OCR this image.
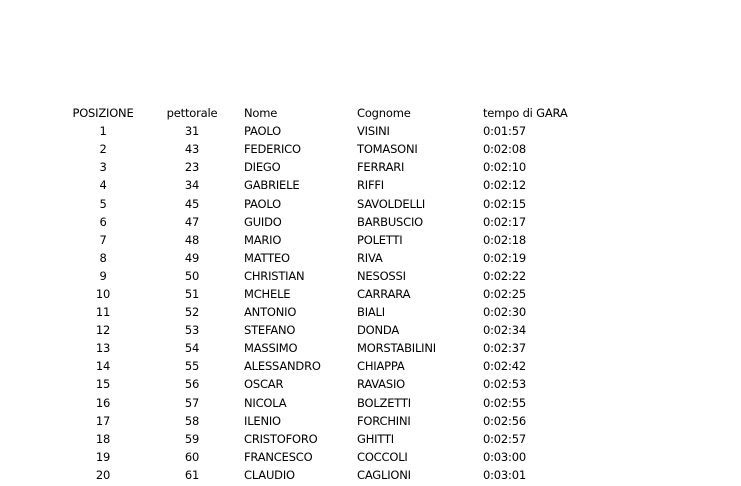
POSIZIONE	pettorale	Nome	Cognome	tempo di GARA
1	31	PAOLO	VISINI	0:01:57
2	43	FEDERICO	TOMASONI	0:02:08
3	23	DIEGO	FERRARI	0:02:10
4	34	GABRIELE	RIFFI	0:02:12
5	45	PAOLO	SAVOLDELLI	0:02:15
6	47	GUIDO	BARBUSCIO	0:02:17
7	48	MARIO	POLETTI	0:02:18
8	49	MATTEO	RIVA	0:02:19
9	50	CHRISTIAN	NESOSSI	0:02:22
10	51	MCHELE	CARRARA	0:02:25
11	52	ANTONIO	BIALI	0:02:30
12	53	STEFANO	DONDA	0:02:34
13	54	MASSIMO	MORSTABILINI	0:02:37
14	55	ALESSANDRO	CHIAPPA	0:02:42
15	56	OSCAR	RAVASIO	0:02:53
16	57	NICOLA	BOLZETTI	0:02:55
17	58	ILENIO	FORCHINI	0:02:56
18	59	CRISTOFORO	GHITTI	0:02:57
19	60	FRANCESCO	COCCOLI	0:03:00
20	61	CLAUDIO	CAGLIONI	0:03:01
